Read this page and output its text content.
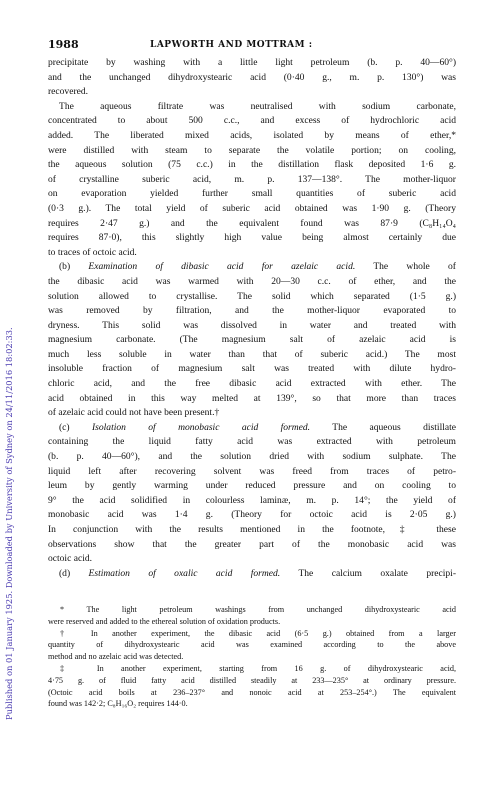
1988	LAPWORTH AND MOTTRAM :
Published on 01 January 1925. Downloaded by University of Sydney on 24/11/2016 18:02:33.
precipitate by washing with a little light petroleum (b. p. 40—60°)
and the unchanged dihydroxystearic acid (0·40 g., m. p. 130°) was
recovered.
The aqueous filtrate was neutralised with sodium carbonate,
concentrated to about 500 c.c., and excess of hydrochloric acid
added. The liberated mixed acids, isolated by means of ether,*
were distilled with steam to separate the volatile portion; on cooling,
the aqueous solution (75 c.c.) in the distillation flask deposited 1·6 g.
of crystalline suberic acid, m. p. 137—138°. The mother-liquor
on evaporation yielded further small quantities of suberic acid
(0·3 g.). The total yield of suberic acid obtained was 1·90 g. (Theory
requires 2·47 g.) and the equivalent found was 87·9 (C₈H₁₄O₄
requires 87·0), this slightly high value being almost certainly due
to traces of octoic acid.
(b) Examination of dibasic acid for azelaic acid. The whole of
the dibasic acid was warmed with 20—30 c.c. of ether, and the
solution allowed to crystallise. The solid which separated (1·5 g.)
was removed by filtration, and the mother-liquor evaporated to
dryness. This solid was dissolved in water and treated with
magnesium carbonate. (The magnesium salt of azelaic acid is
much less soluble in water than that of suberic acid.) The most
insoluble fraction of magnesium salt was treated with dilute hydro-
chloric acid, and the free dibasic acid extracted with ether. The
acid obtained in this way melted at 139°, so that more than traces
of azelaic acid could not have been present.†
(c) Isolation of monobasic acid formed. The aqueous distillate
containing the liquid fatty acid was extracted with petroleum
(b. p. 40—60°), and the solution dried with sodium sulphate. The
liquid left after recovering solvent was freed from traces of petro-
leum by gently warming under reduced pressure and on cooling to
9° the acid solidified in colourless laminæ, m. p. 14°; the yield of
monobasic acid was 1·4 g. (Theory for octoic acid is 2·05 g.)
In conjunction with the results mentioned in the footnote,‡ these
observations show that the greater part of the monobasic acid was
octoic acid.
(d) Estimation of oxalic acid formed. The calcium oxalate precipi-
* The light petroleum washings from unchanged dihydroxystearic acid
were reserved and added to the ethereal solution of oxidation products.
† In another experiment, the dibasic acid (6·5 g.) obtained from a larger
quantity of dihydroxystearic acid was examined according to the above
method and no azelaic acid was detected.
‡ In another experiment, starting from 16 g. of dihydroxystearic acid,
4·75 g. of fluid fatty acid distilled steadily at 233—235° at ordinary pressure.
(Octoic acid boils at 236–237° and nonoic acid at 253–254°.) The equivalent
found was 142·2; C₈H₁₆O₂ requires 144·0.
